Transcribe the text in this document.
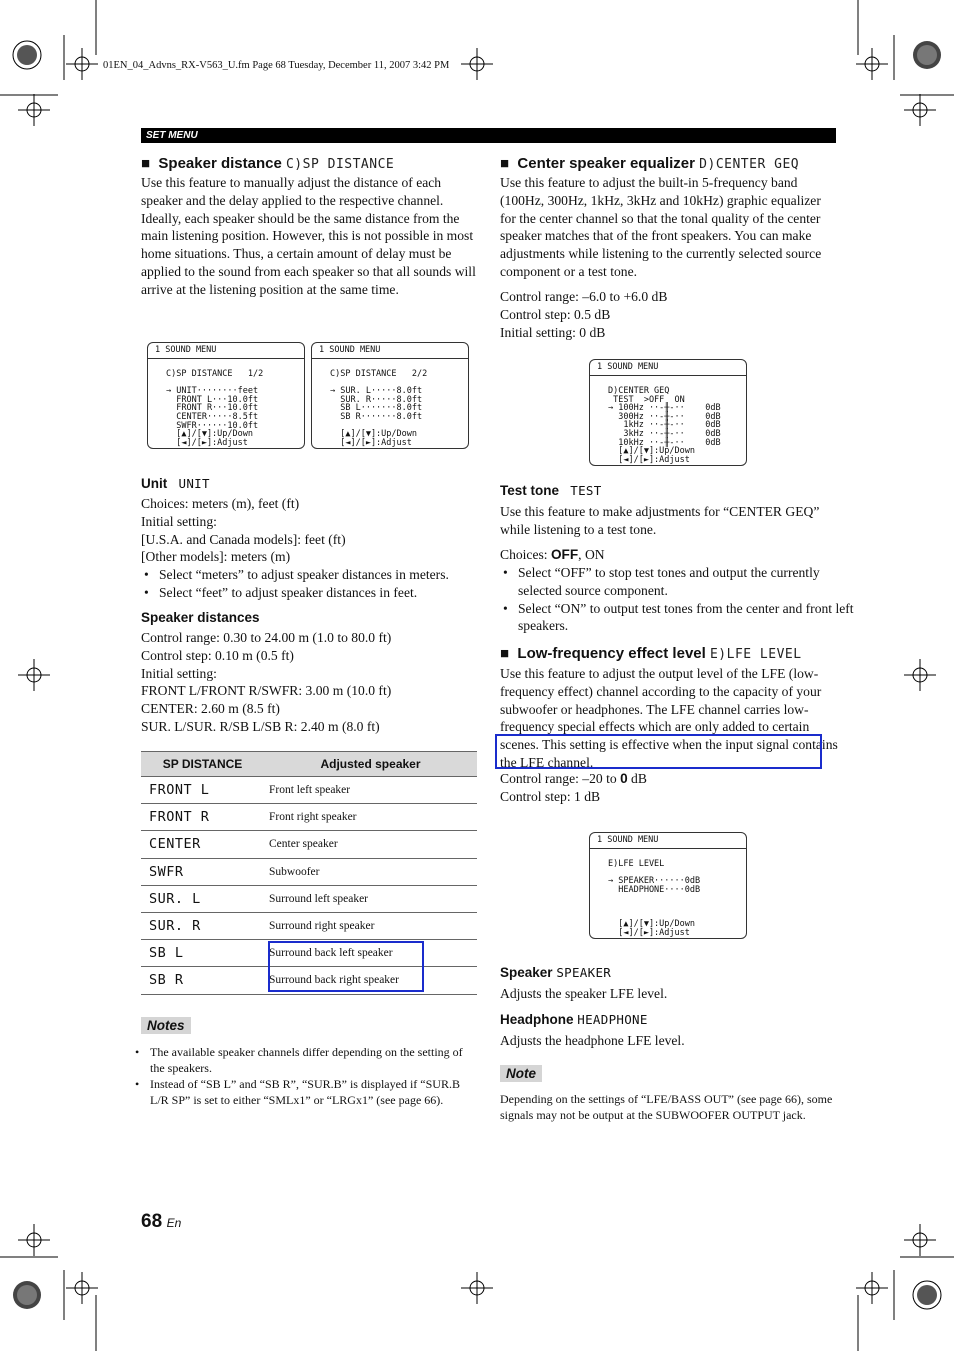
01EN_04_Advns_RX-V563_U.fm Page 68 Tuesday, December 11, 2007 3:42 PM
SET MENU
■ Speaker distance C)SP DISTANCE

Use this feature to manually adjust the distance of each speaker and the delay applied to the respective channel. Ideally, each speaker should be the same distance from the main listening position. However, this is not possible in most home situations. Thus, a certain amount of delay must be applied to the sound from each speaker so that all sounds will arrive at the listening position at the same time.

1 SOUND MENU
C)SP DISTANCE   1/2

→ UNIT········feet
FRONT L···10.0ft
FRONT R···10.0ft
CENTER·····8.5ft
SWFR······10.0ft
[▲]/[▼]:Up/Down
[◄]/[►]:Adjust
1 SOUND MENU
C)SP DISTANCE   2/2

→ SUR. L·····8.0ft
SUR. R·····8.0ft
SB L·······8.0ft
SB R·······8.0ft

[▲]/[▼]:Up/Down
[◄]/[►]:Adjust
Unit UNIT
Choices: meters (m), feet (ft)
Initial setting:
[U.S.A. and Canada models]: feet (ft)
[Other models]: meters (m)
• Select “meters” to adjust speaker distances in meters.
• Select “feet” to adjust speaker distances in feet.
Speaker distances
Control range: 0.30 to 24.00 m (1.0 to 80.0 ft)
Control step: 0.10 m (0.5 ft)
Initial setting:
FRONT L/FRONT R/SWFR: 3.00 m (10.0 ft)
CENTER: 2.60 m (8.5 ft)
SUR. L/SUR. R/SB L/SB R: 2.40 m (8.0 ft)
SP DISTANCE	Adjusted speaker
FRONT L	Front left speaker
FRONT R	Front right speaker
CENTER	Center speaker
SWFR	Subwoofer
SUR. L	Surround left speaker
SUR. R	Surround right speaker
SB L	Surround back left speaker
SB R	Surround back right speaker
Notes
• The available speaker channels differ depending on the setting of the speakers.
• Instead of “SB L” and “SB R”, “SUR.B” is displayed if “SUR.B L/R SP” is set to either “SMLx1” or “LRGx1” (see page 66).
■ Center speaker equalizer D)CENTER GEQ

Use this feature to adjust the built-in 5-frequency band (100Hz, 300Hz, 1kHz, 3kHz and 10kHz) graphic equalizer for the center channel so that the tonal quality of the center speaker matches that of the front speakers. You can make adjustments while listening to the currently selected source component or a test tone.

Control range: –6.0 to +6.0 dB
Control step: 0.5 dB
Initial setting: 0 dB
1 SOUND MENU
D)CENTER GEQ
TEST  >OFF  ON
→ 100Hz ··-╫-··    0dB
300Hz ··-╫-··    0dB
1kHz ··-╫-··    0dB
3kHz ··-╫-··    0dB
10kHz ··-╫-··    0dB
[▲]/[▼]:Up/Down
[◄]/[►]:Adjust
Test tone TEST

Use this feature to make adjustments for “CENTER GEQ” while listening to a test tone.

Choices: OFF, ON
• Select “OFF” to stop test tones and output the currently selected source component.
• Select “ON” to output test tones from the center and front left speakers.
■ Low-frequency effect level E)LFE LEVEL

Use this feature to adjust the output level of the LFE (low-frequency effect) channel according to the capacity of your subwoofer or headphones. The LFE channel carries low-frequency special effects which are only added to certain scenes. This setting is effective when the input signal contains the LFE channel.

Control range: –20 to 0 dB
Control step: 1 dB
1 SOUND MENU
E)LFE LEVEL

→ SPEAKER······0dB
HEADPHONE····0dB

[▲]/[▼]:Up/Down
[◄]/[►]:Adjust
Speaker SPEAKER
Adjusts the speaker LFE level.
Headphone HEADPHONE
Adjusts the headphone LFE level.
Note

Depending on the settings of “LFE/BASS OUT” (see page 66), some signals may not be output at the SUBWOOFER OUTPUT jack.

68 En
